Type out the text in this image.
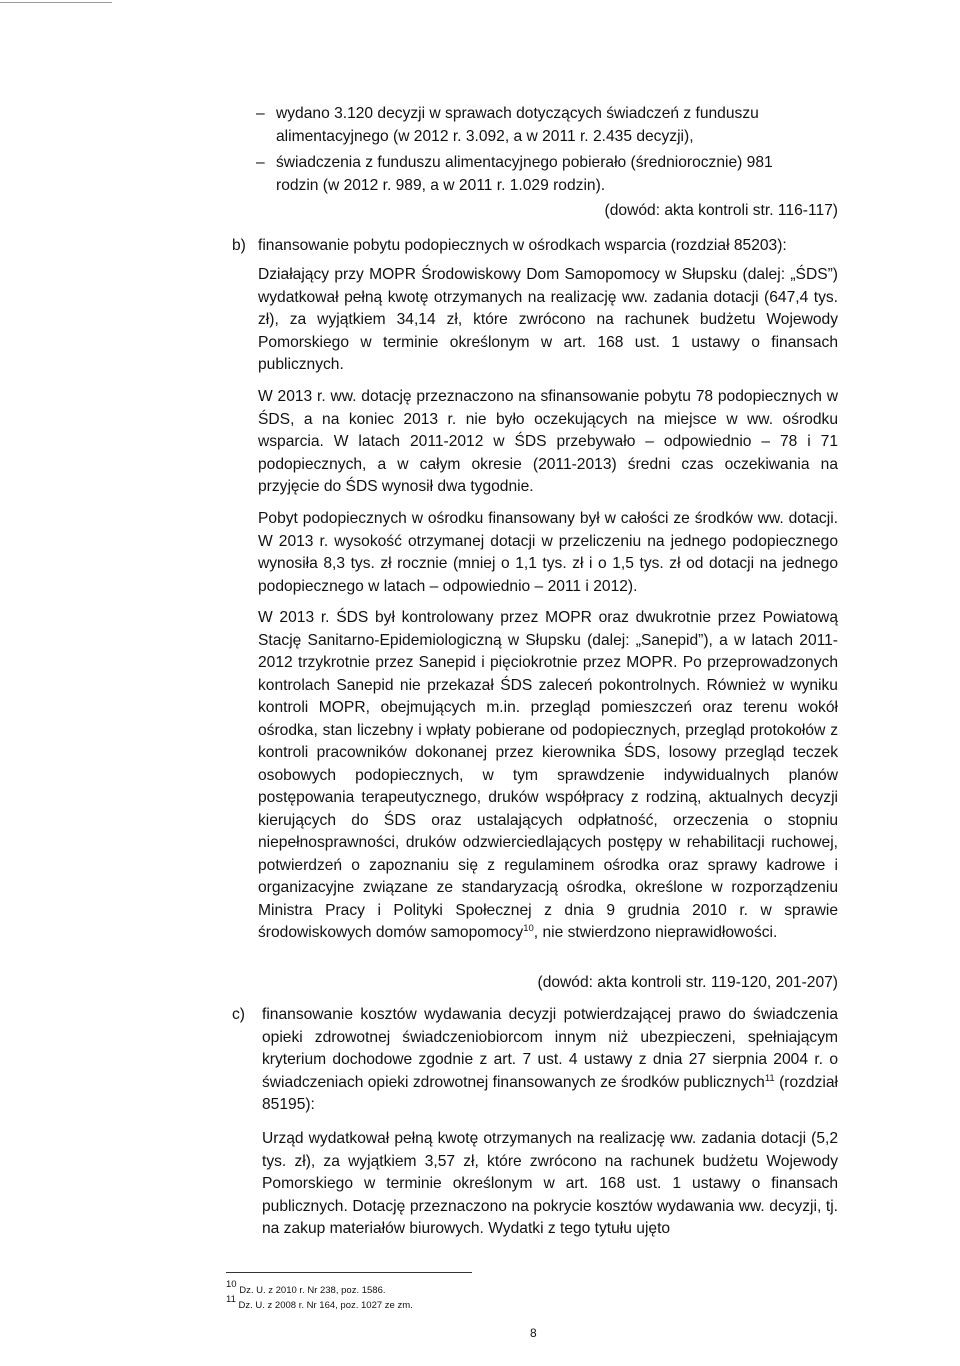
– wydano 3.120 decyzji w sprawach dotyczących świadczeń z funduszu
alimentacyjnego (w 2012 r. 3.092, a w 2011 r. 2.435 decyzji),
– świadczenia z funduszu alimentacyjnego pobierało (średniorocznie) 981
rodzin (w 2012 r. 989, a w 2011 r. 1.029 rodzin).
(dowód: akta kontroli str. 116-117)
b) finansowanie pobytu podopiecznych w ośrodkach wsparcia (rozdział 85203):

Działający przy MOPR Środowiskowy Dom Samopomocy w Słupsku (dalej: „ŚDS”) wydatkował pełną kwotę otrzymanych na realizację ww. zadania dotacji (647,4 tys. zł), za wyjątkiem 34,14 zł, które zwrócono na rachunek budżetu Wojewody Pomorskiego w terminie określonym w art. 168 ust. 1 ustawy o finansach publicznych.

W 2013 r. ww. dotację przeznaczono na sfinansowanie pobytu 78 podopiecznych w ŚDS, a na koniec 2013 r. nie było oczekujących na miejsce w ww. ośrodku wsparcia. W latach 2011-2012 w ŚDS przebywało – odpowiednio – 78 i 71 podopiecznych, a w całym okresie (2011-2013) średni czas oczekiwania na przyjęcie do ŚDS wynosił dwa tygodnie.

Pobyt podopiecznych w ośrodku finansowany był w całości ze środków ww. dotacji. W 2013 r. wysokość otrzymanej dotacji w przeliczeniu na jednego podopiecznego wynosiła 8,3 tys. zł rocznie (mniej o 1,1 tys. zł i o 1,5 tys. zł od dotacji na jednego podopiecznego w latach – odpowiednio – 2011 i 2012).

W 2013 r. ŚDS był kontrolowany przez MOPR oraz dwukrotnie przez Powiatową Stację Sanitarno-Epidemiologiczną w Słupsku (dalej: „Sanepid”), a w latach 2011-2012 trzykrotnie przez Sanepid i pięciokrotnie przez MOPR. Po przeprowadzonych kontrolach Sanepid nie przekazał ŚDS zaleceń pokontrolnych. Również w wyniku kontroli MOPR, obejmujących m.in. przegląd pomieszczeń oraz terenu wokół ośrodka, stan liczebny i wpłaty pobierane od podopiecznych, przegląd protokołów z kontroli pracowników dokonanej przez kierownika ŚDS, losowy przegląd teczek osobowych podopiecznych, w tym sprawdzenie indywidualnych planów postępowania terapeutycznego, druków współpracy z rodziną, aktualnych decyzji kierujących do ŚDS oraz ustalających odpłatność, orzeczenia o stopniu niepełnosprawności, druków odzwierciedlających postępy w rehabilitacji ruchowej, potwierdzeń o zapoznaniu się z regulaminem ośrodka oraz sprawy kadrowe i organizacyjne związane ze standaryzacją ośrodka, określone w rozporządzeniu Ministra Pracy i Polityki Społecznej z dnia 9 grudnia 2010 r. w sprawie środowiskowych domów samopomocy$^{10}$, nie stwierdzono nieprawidłowości.

(dowód: akta kontroli str. 119-120, 201-207)
c) finansowanie kosztów wydawania decyzji potwierdzającej prawo do świadczenia opieki zdrowotnej świadczeniobiorcom innym niż ubezpieczeni, spełniającym kryterium dochodowe zgodnie z art. 7 ust. 4 ustawy z dnia 27 sierpnia 2004 r. o świadczeniach opieki zdrowotnej finansowanych ze środków publicznych$^{11}$ (rozdział 85195):

Urząd wydatkował pełną kwotę otrzymanych na realizację ww. zadania dotacji (5,2 tys. zł), za wyjątkiem 3,57 zł, które zwrócono na rachunek budżetu Wojewody Pomorskiego w terminie określonym w art. 168 ust. 1 ustawy o finansach publicznych. Dotację przeznaczono na pokrycie kosztów wydawania ww. decyzji, tj. na zakup materiałów biurowych. Wydatki z tego tytułu ujęto

$^{10}$ Dz. U. z 2010 r. Nr 238, poz. 1586.
$^{11}$ Dz. U. z 2008 r. Nr 164, poz. 1027 ze zm.
8
